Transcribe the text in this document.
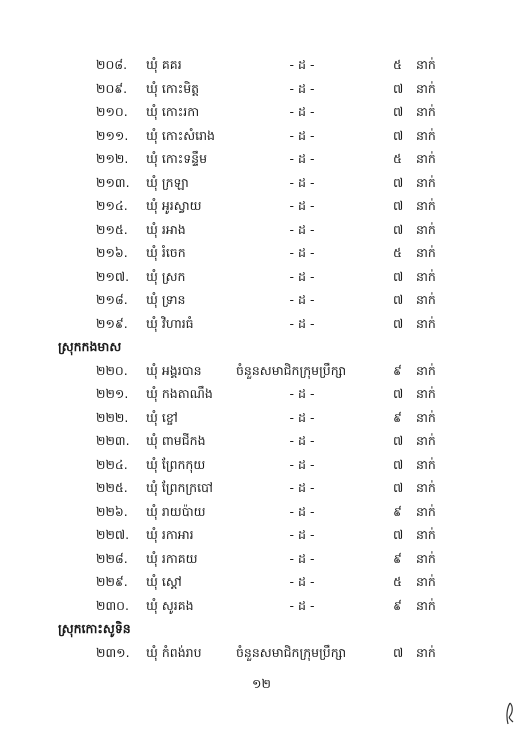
២០៨. ឃុំ គគរ	- ដ -	៥ នាក់
២០៩. ឃុំ កោះមិត្ត	- ដ -	៧ នាក់
២១០. ឃុំ កោះរកា	- ដ -	៧ នាក់
២១១. ឃុំ កោះសំរោង	- ដ -	៧ នាក់
២១២. ឃុំ កោះទន្ទឹម	- ដ -	៥ នាក់
២១៣. ឃុំ ក្រឡា	- ដ -	៧ នាក់
២១៤. ឃុំ អូរស្វាយ	- ដ -	៧ នាក់
២១៥. ឃុំ រអាង	- ដ -	៧ នាក់
២១៦. ឃុំ រំចេក	- ដ -	៥ នាក់
២១៧. ឃុំ ស្រក	- ដ -	៧ នាក់
២១៨. ឃុំ ទ្រាន	- ដ -	៧ នាក់
២១៩. ឃុំ វិហារធំ	- ដ -	៧ នាក់
ស្រុកកងមាស
២២០. ឃុំ អង្គរបាន	ចំនួនសមាជិកក្រុមប្រឹក្សា	៩ នាក់
២២១. ឃុំ កងតាណឹង	- ដ -	៧ នាក់
២២២. ឃុំ ខ្ចៅ	- ដ -	៩ នាក់
២២៣. ឃុំ ពាមជីកង	- ដ -	៧ នាក់
២២៤. ឃុំ ព្រែកកុយ	- ដ -	៧ នាក់
២២៥. ឃុំ ព្រែកក្របៅ	- ដ -	៧ នាក់
២២៦. ឃុំ រាយប៉ាយ	- ដ -	៩ នាក់
២២៧. ឃុំ រកាអារ	- ដ -	៧ នាក់
២២៨. ឃុំ រកាគយ	- ដ -	៩ នាក់
២២៩. ឃុំ ស្ដៅ	- ដ -	៥ នាក់
២៣០. ឃុំ សូរគង	- ដ -	៩ នាក់
ស្រុកកោះសូទិន
២៣១. ឃុំ កំពង់រាប	ចំនួនសមាជិកក្រុមប្រឹក្សា	៧ នាក់
១២
